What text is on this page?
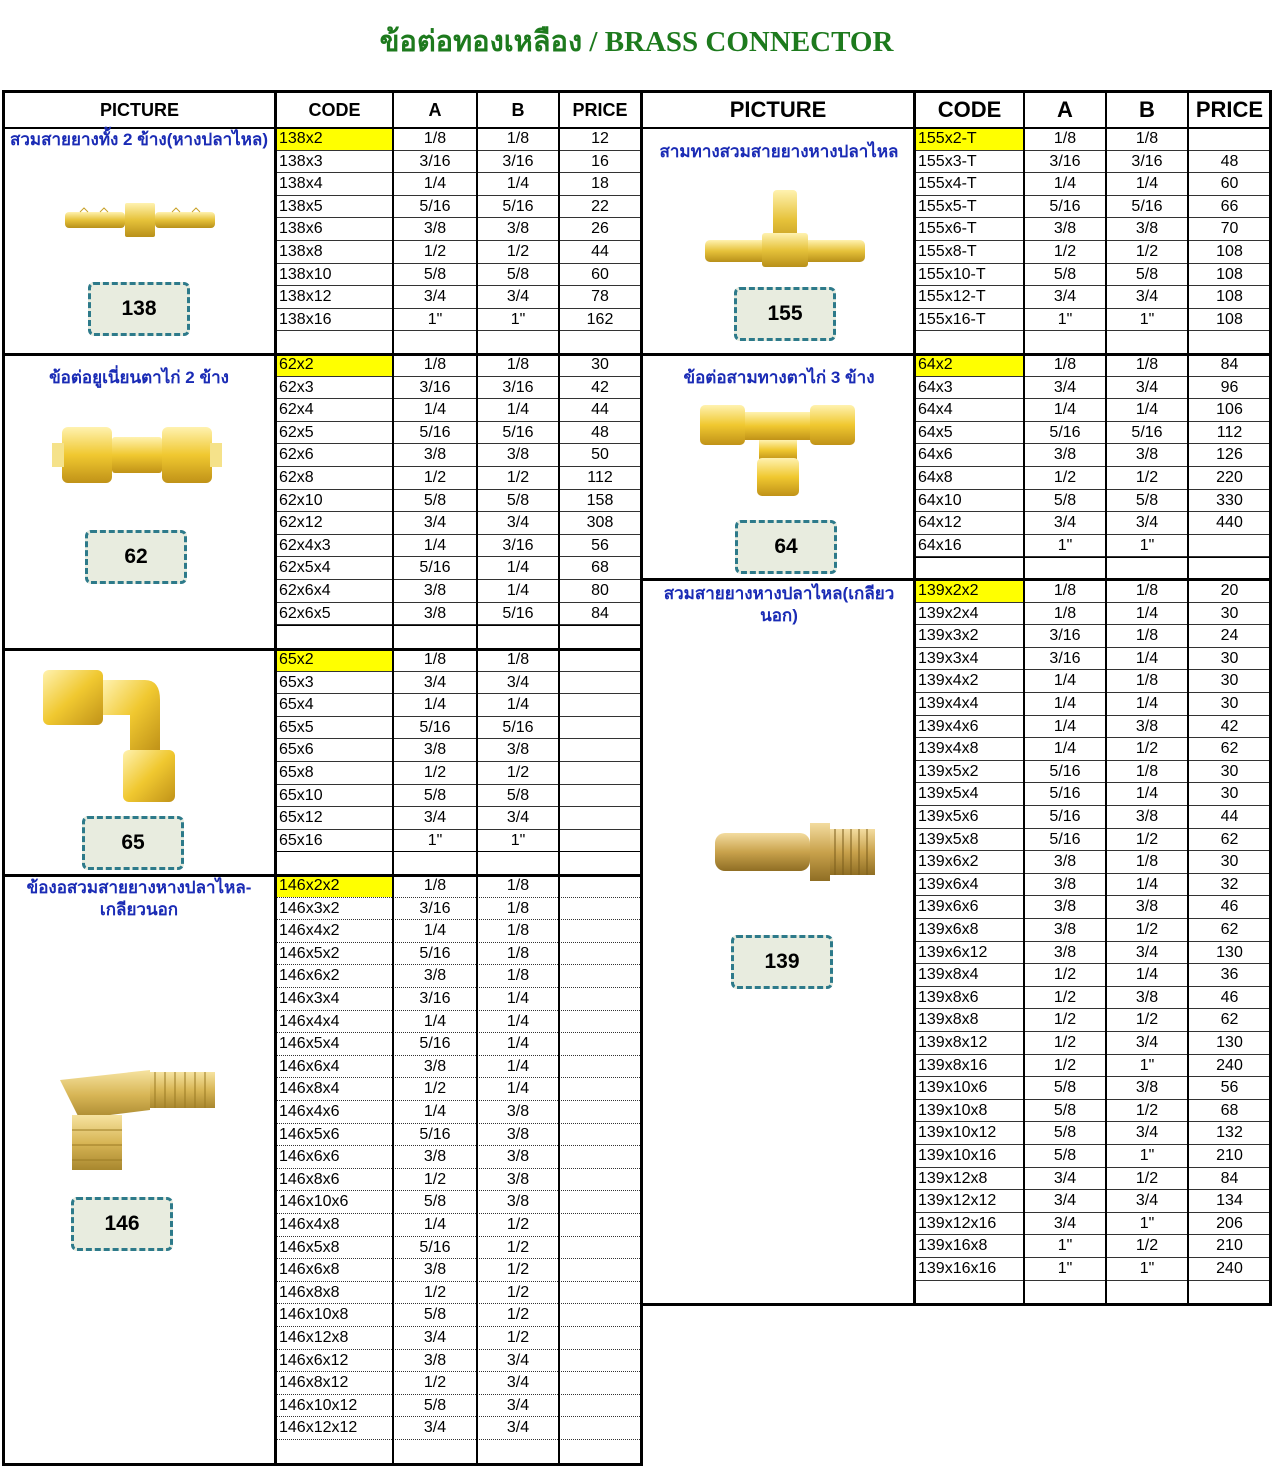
ข้อต่อทองเหลือง / BRASS CONNECTOR
PICTURE	CODE	A	B	PRICE	PICTURE	CODE	A	B	PRICE
138x2	1/8	1/8	12
138x3	3/16	3/16	16
138x4	1/4	1/4	18
138x5	5/16	5/16	22
138x6	3/8	3/8	26
138x8	1/2	1/2	44
138x10	5/8	5/8	60
138x12	3/4	3/4	78
138x16	1"	1"	162
62x2	1/8	1/8	30
62x3	3/16	3/16	42
62x4	1/4	1/4	44
62x5	5/16	5/16	48
62x6	3/8	3/8	50
62x8	1/2	1/2	112
62x10	5/8	5/8	158
62x12	3/4	3/4	308
62x4x3	1/4	3/16	56
62x5x4	5/16	1/4	68
62x6x4	3/8	1/4	80
62x6x5	3/8	5/16	84
65x2	1/8	1/8
65x3	3/4	3/4
65x4	1/4	1/4
65x5	5/16	5/16
65x6	3/8	3/8
65x8	1/2	1/2
65x10	5/8	5/8
65x12	3/4	3/4
65x16	1"	1"
146x2x2	1/8	1/8
146x3x2	3/16	1/8
146x4x2	1/4	1/8
146x5x2	5/16	1/8
146x6x2	3/8	1/8
146x3x4	3/16	1/4
146x4x4	1/4	1/4
146x5x4	5/16	1/4
146x6x4	3/8	1/4
146x8x4	1/2	1/4
146x4x6	1/4	3/8
146x5x6	5/16	3/8
146x6x6	3/8	3/8
146x8x6	1/2	3/8
146x10x6	5/8	3/8
146x4x8	1/4	1/2
146x5x8	5/16	1/2
146x6x8	3/8	1/2
146x8x8	1/2	1/2
146x10x8	5/8	1/2
146x12x8	3/4	1/2
146x6x12	3/8	3/4
146x8x12	1/2	3/4
146x10x12	5/8	3/4
146x12x12	3/4	3/4
155x2-T	1/8	1/8
155x3-T	3/16	3/16	48
155x4-T	1/4	1/4	60
155x5-T	5/16	5/16	66
155x6-T	3/8	3/8	70
155x8-T	1/2	1/2	108
155x10-T	5/8	5/8	108
155x12-T	3/4	3/4	108
155x16-T	1"	1"	108
64x2	1/8	1/8	84
64x3	3/4	3/4	96
64x4	1/4	1/4	106
64x5	5/16	5/16	112
64x6	3/8	3/8	126
64x8	1/2	1/2	220
64x10	5/8	5/8	330
64x12	3/4	3/4	440
64x16	1"	1"
139x2x2	1/8	1/8	20
139x2x4	1/8	1/4	30
139x3x2	3/16	1/8	24
139x3x4	3/16	1/4	30
139x4x2	1/4	1/8	30
139x4x4	1/4	1/4	30
139x4x6	1/4	3/8	42
139x4x8	1/4	1/2	62
139x5x2	5/16	1/8	30
139x5x4	5/16	1/4	30
139x5x6	5/16	3/8	44
139x5x8	5/16	1/2	62
139x6x2	3/8	1/8	30
139x6x4	3/8	1/4	32
139x6x6	3/8	3/8	46
139x6x8	3/8	1/2	62
139x6x12	3/8	3/4	130
139x8x4	1/2	1/4	36
139x8x6	1/2	3/8	46
139x8x8	1/2	1/2	62
139x8x12	1/2	3/4	130
139x8x16	1/2	1"	240
139x10x6	5/8	3/8	56
139x10x8	5/8	1/2	68
139x10x12	5/8	3/4	132
139x10x16	5/8	1"	210
139x12x8	3/4	1/2	84
139x12x12	3/4	3/4	134
139x12x16	3/4	1"	206
139x16x8	1"	1/2	210
139x16x16	1"	1"	240
สวมสายยางทั้ง 2 ข้าง(หางปลาไหล)
ข้อต่อยูเนี่ยนตาไก่ 2 ข้าง
ข้องอสวมสายยางหางปลาไหล-เกลียวนอก
สามทางสวมสายยางหางปลาไหล
ข้อต่อสามทางตาไก่ 3 ข้าง
สวมสายยางหางปลาไหล(เกลียวนอก)
138
62
65
146
155
64
139
